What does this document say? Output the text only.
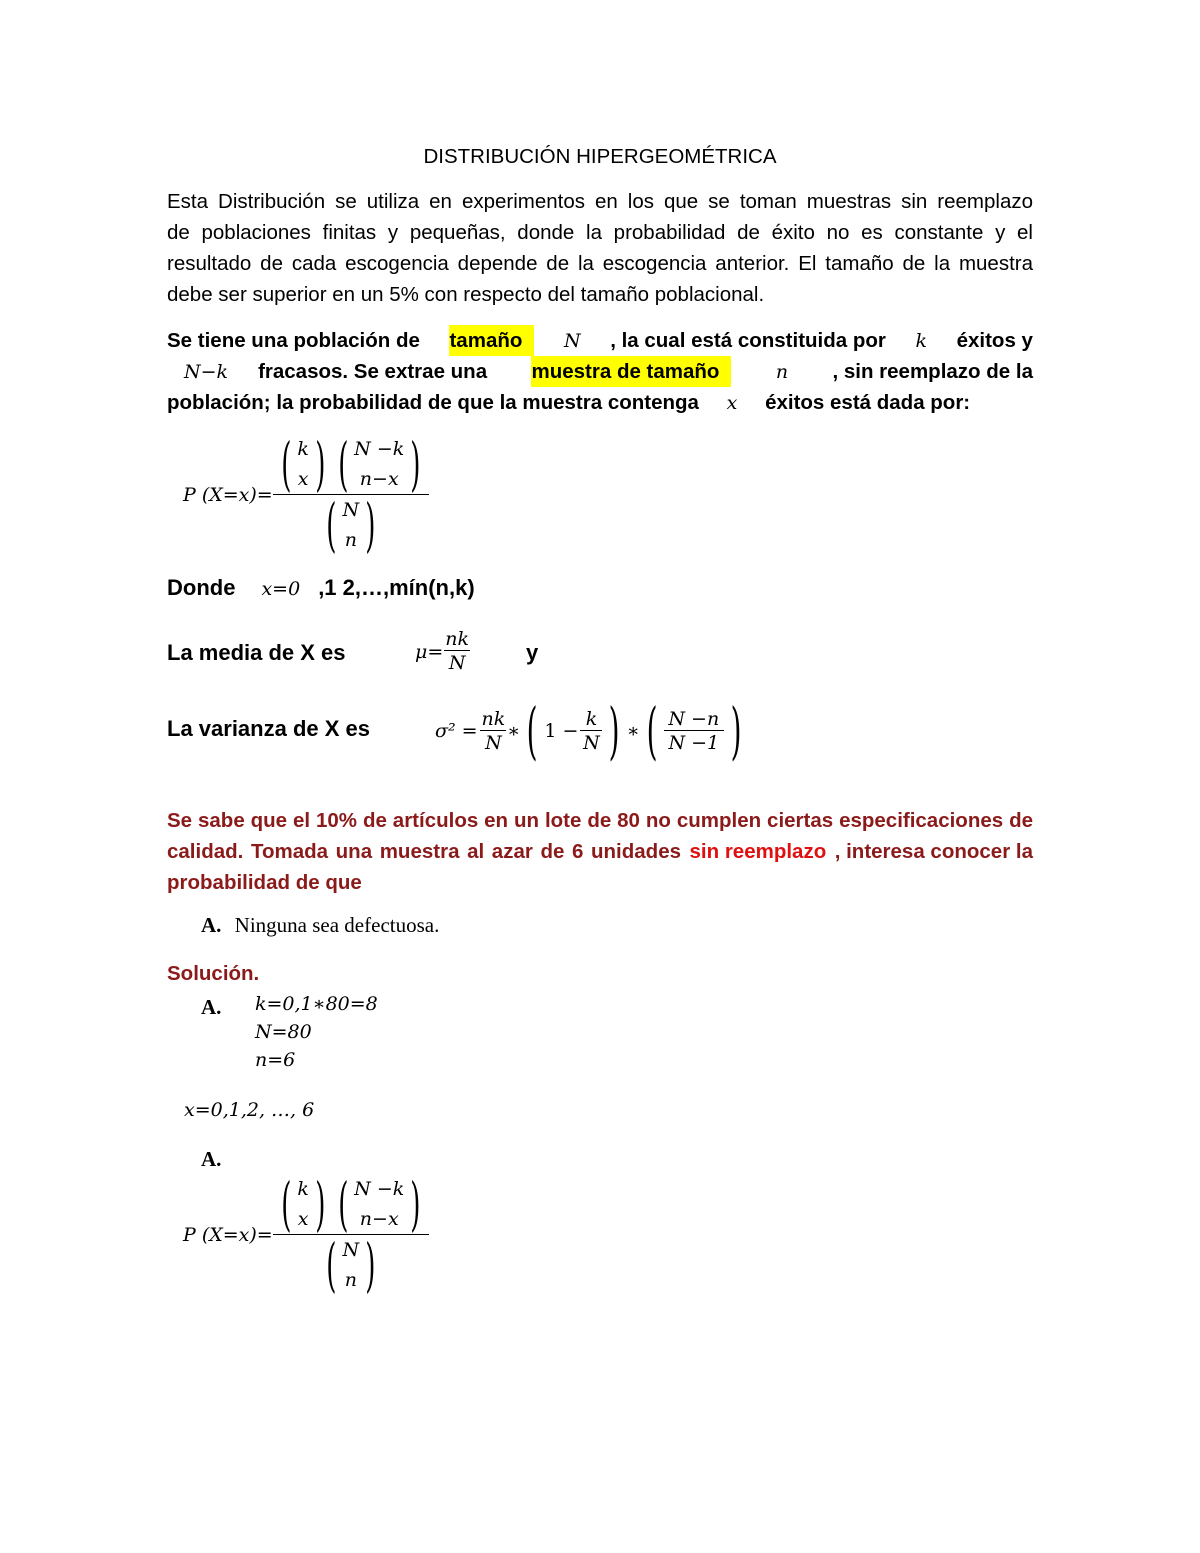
DISTRIBUCIÓN HIPERGEOMÉTRICA
Esta Distribución se utiliza en experimentos en los que se toman muestras sin reemplazo
de poblaciones finitas y pequeñas, donde la probabilidad de éxito no es constante y el
resultado de cada escogencia depende de la escogencia anterior. El tamaño de la muestra
debe ser superior en un 5% con respecto del tamaño poblacional.
Se tiene una población de tamaño	N , la cual está constituida por k éxitos y
N−k fracasos. Se extrae una muestra de tamaño	n , sin reemplazo de la
población; la probabilidad de que la muestra contenga x éxitos está dada por:
P (X=x)= ( k
x ) ( N −k
n−x )
( N
n )
Donde x=0 ,1 2,…,mín(n,k)
La media de X es	$\mu= \frac{nk}{N}$ y
La varianza de X es	$\sigma^2 = \frac{nk}{N}$ ∗ ( $1 - \frac{k}{N}$ ) ∗ ( $\frac{N -n}{N -1}$ )
Se sabe que el 10% de artículos en un lote de 80 no cumplen ciertas especificaciones de
calidad. Tomada una muestra al azar de 6 unidades sin reemplazo , interesa conocer la
probabilidad de que
A. Ninguna sea defectuosa.
Solución.
A. k=0,1∗80=8
N=80
n=6
x=0,1,2, …, 6
A.
P (X=x)= ( k
x ) ( N −k
n−x )
( N
n )
